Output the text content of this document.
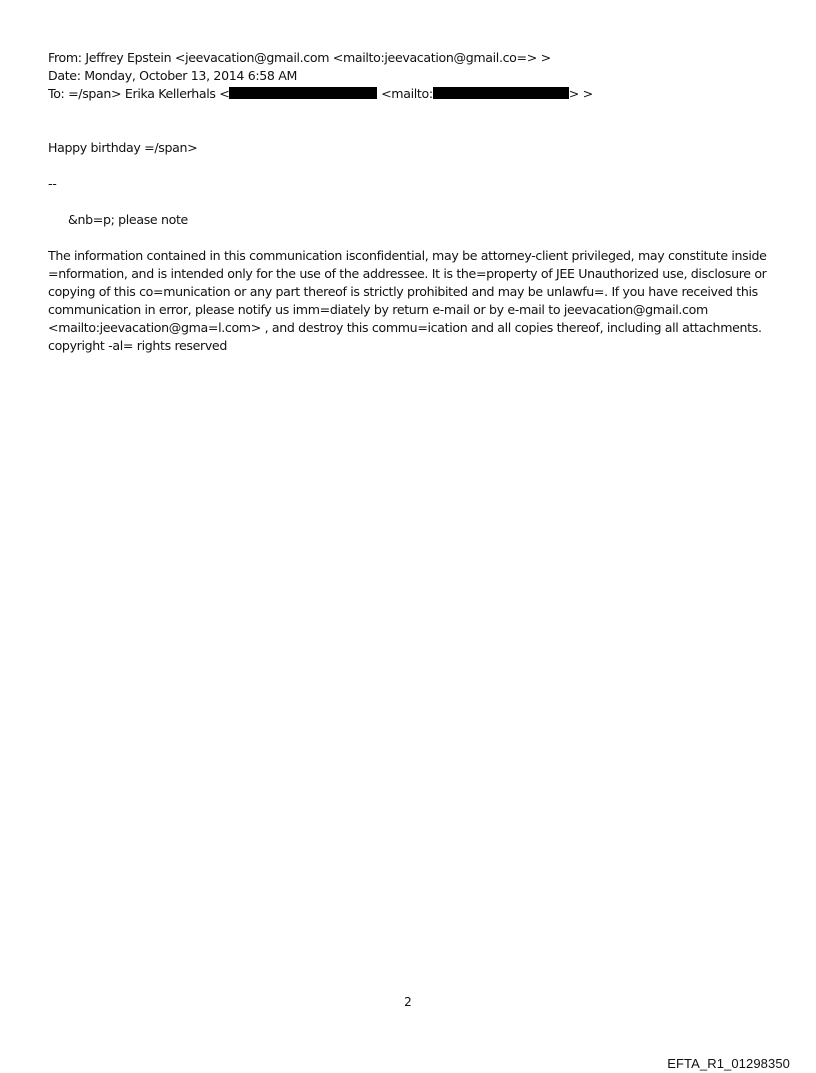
From: Jeffrey Epstein <jeevacation@gmail.com <mailto:jeevacation@gmail.co=> >
Date: Monday, October 13, 2014 6:58 AM
To: =/span> Erika Kellerhals <	<mailto:	> >
Happy birthday =/span>
--
&nb=p; please note
The information contained in this communication isconfidential, may be attorney-client privileged, may constitute inside
=nformation, and is intended only for the use of the addressee. It is the=property of JEE Unauthorized use, disclosure or
copying of this co=munication or any part thereof is strictly prohibited and may be unlawfu=. If you have received this
communication in error, please notify us imm=diately by return e-mail or by e-mail to jeevacation@gmail.com
<mailto:jeevacation@gma=l.com> , and destroy this commu=ication and all copies thereof, including all attachments.
copyright -al= rights reserved
2
EFTA_R1_01298350
